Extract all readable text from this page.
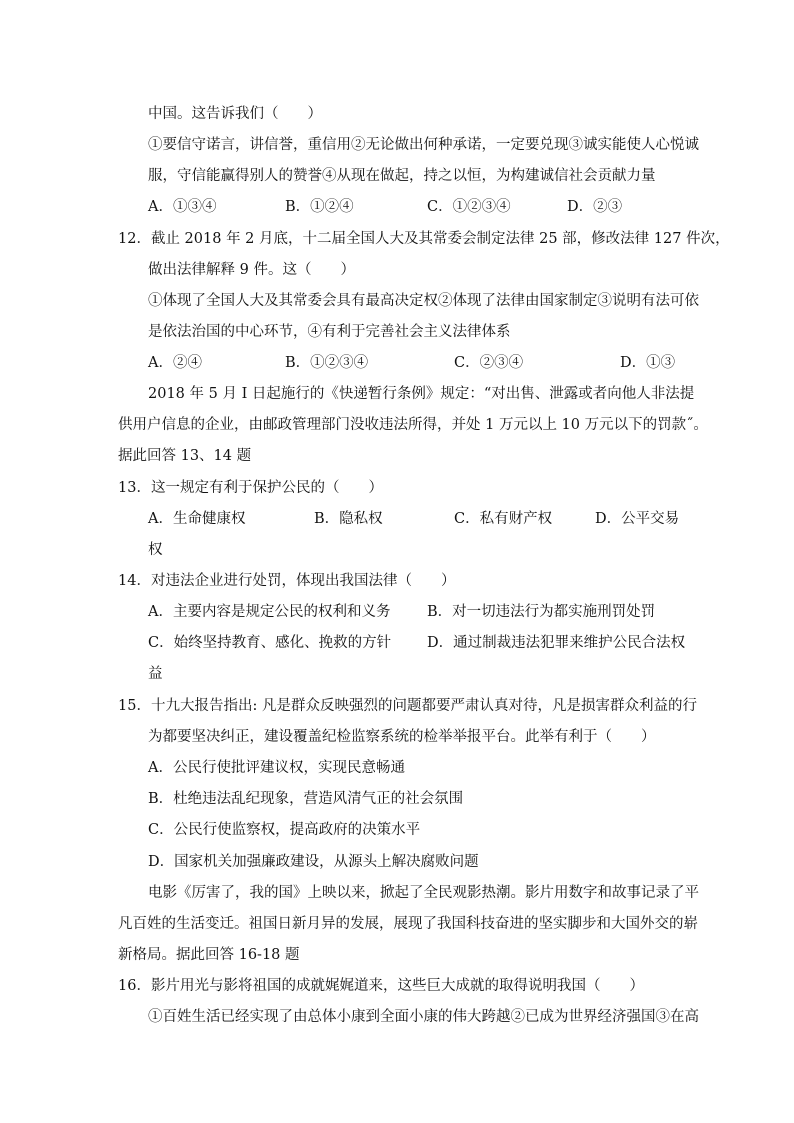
中国。这告诉我们（　　）
①要信守诺言，讲信誉，重信用②无论做出何种承诺，一定要兑现③诚实能使人心悦诚
服，守信能赢得别人的赞誉④从现在做起，持之以恒，为构建诚信社会贡献力量
A．①③④	B．①②④	C．①②③④	D．②③
12．截止 2018 年 2 月底，十二届全国人大及其常委会制定法律 25 部，修改法律 127 件次，
做出法律解释 9 件。这（　　）
①体现了全国人大及其常委会具有最高决定权②体现了法律由国家制定③说明有法可依
是依法治国的中心环节，④有利于完善社会主义法律体系
A．②④	B．①②③④	C．②③④	D．①③
2018 年 5 月 I 日起施行的《快递暂行条例》规定：“对出售、泄露或者向他人非法提
供用户信息的企业，由邮政管理部门没收违法所得，并处 1 万元以上 10 万元以下的罚款˝。
据此回答 13、14 题
13．这一规定有利于保护公民的（　　）
A．生命健康权	B．隐私权	C．私有财产权	D．公平交易
权
14．对违法企业进行处罚，体现出我国法律（　　）
A．主要内容是规定公民的权利和义务	B．对一切违法行为都实施刑罚处罚
C．始终坚持教育、感化、挽救的方针 D．通过制裁违法犯罪来维护公民合法权
益
15．十九大报告指出: 凡是群众反映强烈的问题都要严肃认真对待，凡是损害群众利益的行
为都要坚决纠正，建设覆盖纪检监察系统的检举举报平台。此举有利于（　　）
A．公民行使批评建议权，实现民意畅通
B．杜绝违法乱纪现象，营造风清气正的社会氛围
C．公民行使监察权，提高政府的决策水平
D．国家机关加强廉政建设，从源头上解决腐败问题
电影《厉害了，我的国》上映以来，掀起了全民观影热潮。影片用数字和故事记录了平
凡百姓的生活变迁。祖国日新月异的发展，展现了我国科技奋进的坚实脚步和大国外交的崭
新格局。据此回答 16-18 题
16．影片用光与影将祖国的成就娓娓道来，这些巨大成就的取得说明我国（　　）
①百姓生活已经实现了由总体小康到全面小康的伟大跨越②已成为世界经济强国③在高
